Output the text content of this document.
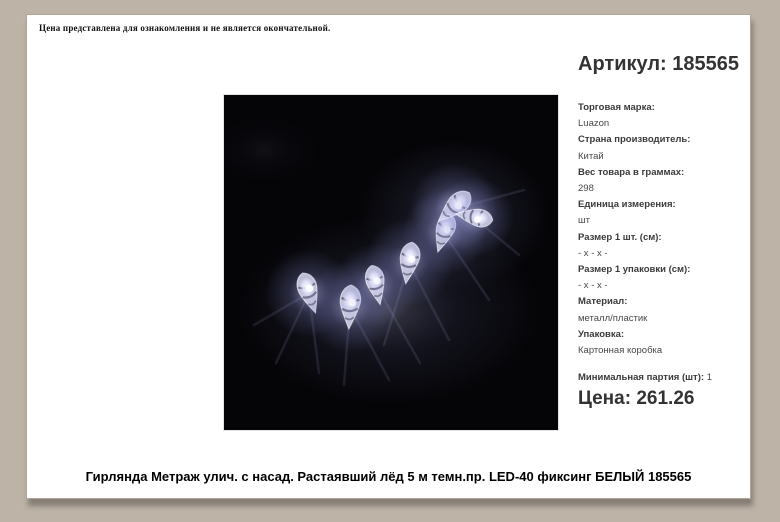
Цена представлена для ознакомления и не является окончательной.
Артикул: 185565
Торговая марка:
Luazon
Страна производитель:
Китай
Вес товара в граммах:
298
Единица измерения:
шт
Размер 1 шт. (см):
- х - х -
Размер 1 упаковки (см):
- х - х -
Материал:
металл/пластик
Упаковка:
Картонная коробка
Минимальная партия (шт): 1
Цена: 261.26
Гирлянда Метраж улич. с насад. Растаявший лёд 5 м темн.пр. LED-40 фиксинг БЕЛЫЙ 185565
